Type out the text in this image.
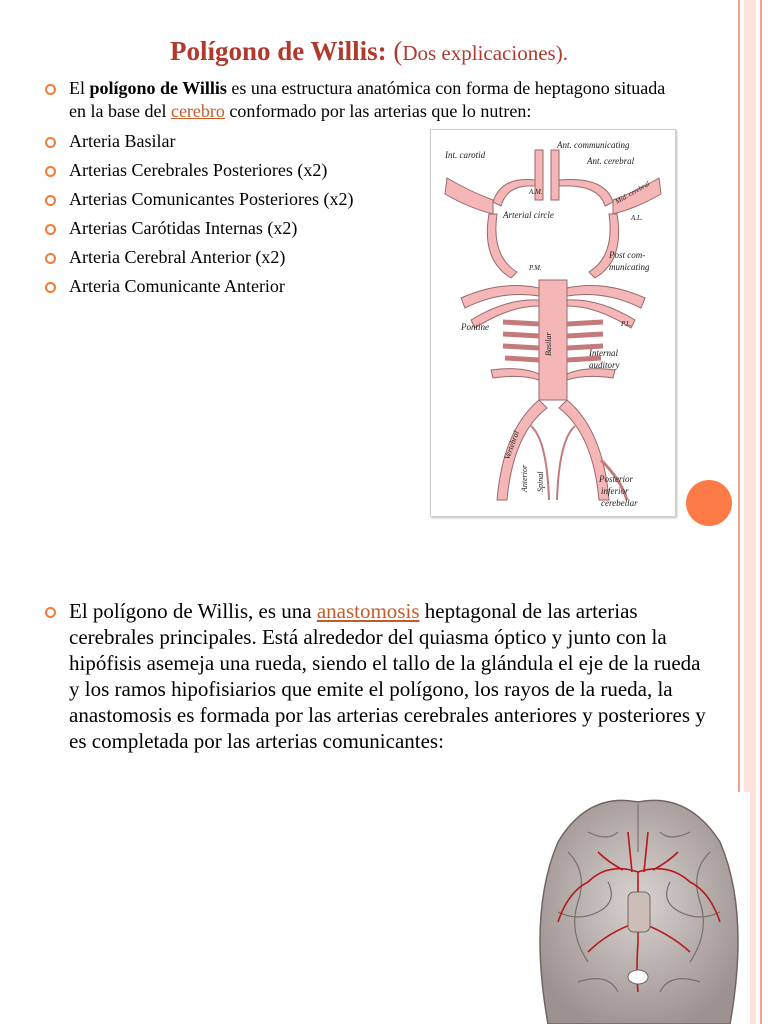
Polígono de Willis: (Dos explicaciones).
El polígono de Willis es una estructura anatómica con forma de heptagono situada en la base del cerebro conformado por las arterias que lo nutren:
Arteria Basilar
Arterias Cerebrales Posteriores (x2)
Arterias Comunicantes Posteriores (x2)
Arterias Carótidas Internas (x2)
Arteria Cerebral Anterior (x2)
Arteria Comunicante Anterior
Int. carotid
Ant. communicating
Ant. cerebral
A.M.	Mid. cerebral
A.L.
Arterial circle
Post com-
municating
P.M.
P.L.
Pontine
Basilar	Internal
auditory
Vertebral
Anterior Spinal	Posterior
inferior
cerebellar
El polígono de Willis, es una anastomosis heptagonal de las arterias cerebrales principales. Está alrededor del quiasma óptico y junto con la hipófisis asemeja una rueda, siendo el tallo de la glándula el eje de la rueda y los ramos hipofisiarios que emite el polígono, los rayos de la rueda, la anastomosis es formada por las arterias cerebrales anteriores y posteriores y es completada por las arterias comunicantes:
